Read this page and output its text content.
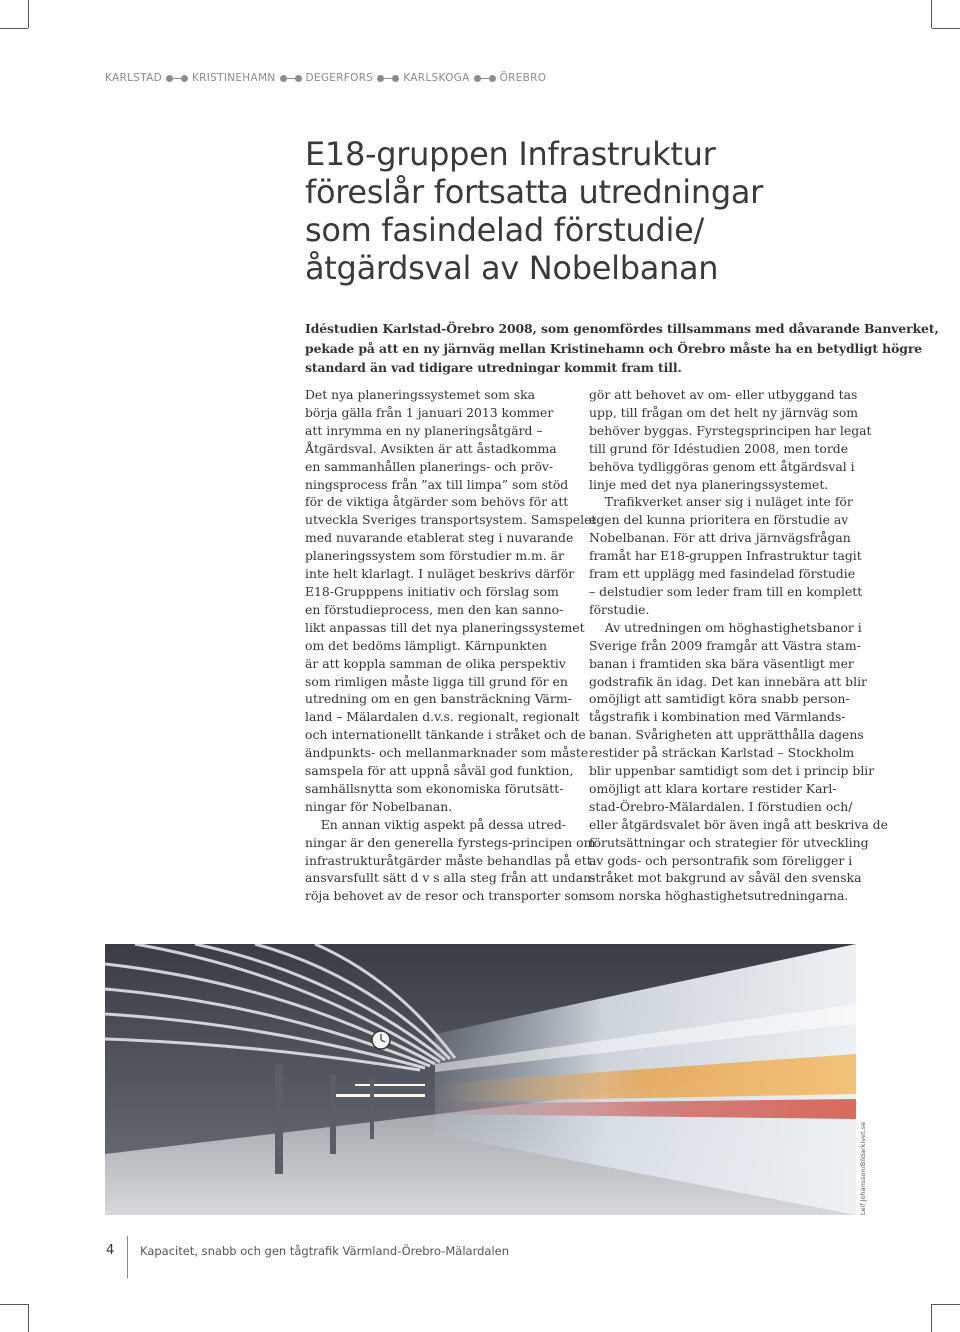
KARLSTAD	KRISTINEHAMN	DEGERFORS	KARLSKOGA	ÖREBRO
E18-gruppen Infrastruktur
föreslår fortsatta utredningar
som fasindelad förstudie/
åtgärdsval av Nobelbanan
Idéstudien Karlstad-Örebro 2008, som genomfördes tillsammans med dåvarande Banverket,
pekade på att en ny järnväg mellan Kristinehamn och Örebro måste ha en betydligt högre
standard än vad tidigare utredningar kommit fram till.
Det nya planeringssystemet som ska
börja gälla från 1 januari 2013 kommer
att inrymma en ny planeringsåtgärd –
Åtgärdsval. Avsikten är att åstadkomma
en sammanhållen planerings- och pröv-
ningsprocess från ”ax till limpa” som stöd
för de viktiga åtgärder som behövs för att
utveckla Sveriges transportsystem. Samspelet
med nuvarande etablerat steg i nuvarande
planeringssystem som förstudier m.m. är
inte helt klarlagt. I nuläget beskrivs därför
E18-Grupppens initiativ och förslag som
en förstudieprocess, men den kan sanno-
likt anpassas till det nya planeringssystemet
om det bedöms lämpligt. Kärnpunkten
är att koppla samman de olika perspektiv
som rimligen måste ligga till grund för en
utredning om en gen bansträckning Värm-
land – Mälardalen d.v.s. regionalt, regionalt
och internationellt tänkande i stråket och de
ändpunkts- och mellanmarknader som måste
samspela för att uppnå såväl god funktion,
samhällsnytta som ekonomiska förutsätt-
ningar för Nobelbanan.
En annan viktig aspekt på dessa utred-
ningar är den generella fyrstegs-principen om
infrastrukturåtgärder måste behandlas på ett
ansvarsfullt sätt d v s alla steg från att undan-
röja behovet av de resor och transporter som
gör att behovet av om- eller utbyggand tas
upp, till frågan om det helt ny järnväg som
behöver byggas. Fyrstegsprincipen har legat
till grund för Idéstudien 2008, men torde
behöva tydliggöras genom ett åtgärdsval i
linje med det nya planeringssystemet.
Trafikverket anser sig i nuläget inte för
egen del kunna prioritera en förstudie av
Nobelbanan. För att driva järnvägsfrågan
framåt har E18-gruppen Infrastruktur tagit
fram ett upplägg med fasindelad förstudie
– delstudier som leder fram till en komplett
förstudie.
Av utredningen om höghastighetsbanor i
Sverige från 2009 framgår att Västra stam-
banan i framtiden ska bära väsentligt mer
godstrafik än idag. Det kan innebära att blir
omöjligt att samtidigt köra snabb person-
tågstrafik i kombination med Värmlands-
banan. Svårigheten att upprätthålla dagens
restider på sträckan Karlstad – Stockholm
blir uppenbar samtidigt som det i princip blir
omöjligt att klara kortare restider Karl-
stad-Örebro-Mälardalen. I förstudien och/
eller åtgärdsvalet bör även ingå att beskriva de
förutsättningar och strategier för utveckling
av gods- och persontrafik som föreligger i
stråket mot bakgrund av såväl den svenska
som norska höghastighetsutredningarna.
Leif Johansson/Bildarkivet.se
4 Kapacitet, snabb och gen tågtrafik Värmland-Örebro-Mälardalen
